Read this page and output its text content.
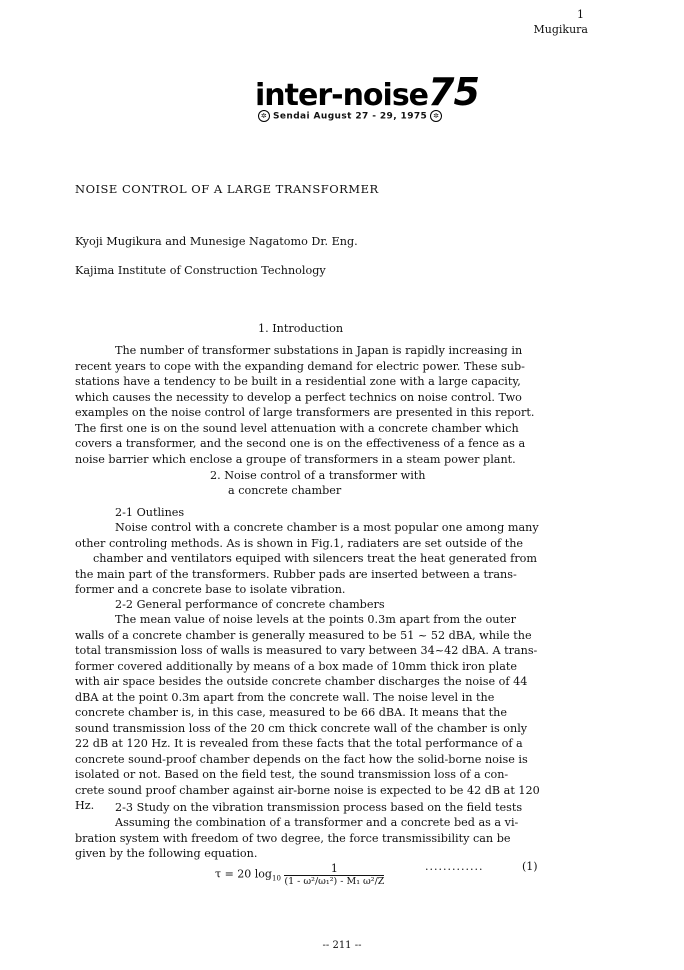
1
Mugikura
inter-noise75
✲ Sendai August 27 - 29, 1975 ✲
NOISE CONTROL OF A LARGE TRANSFORMER
Kyoji Mugikura and Munesige Nagatomo Dr. Eng.
Kajima Institute of Construction Technology
1. Introduction
The number of transformer substations in Japan is rapidly increasing in
recent years to cope with the expanding demand for electric power. These sub-
stations have a tendency to be built in a residential zone with a large capacity,
which causes the necessity to develop a perfect technics on noise control. Two
examples on the noise control of large transformers are presented in this report.
The first one is on the sound level attenuation with a concrete chamber which
covers a transformer, and the second one is on the effectiveness of a fence as a
noise barrier which enclose a groupe of transformers in a steam power plant.
2. Noise control of a transformer with
a concrete chamber
2-1 Outlines
Noise control with a concrete chamber is a most popular one among many
other controling methods. As is shown in Fig.1, radiaters are set outside of the
chamber and ventilators equiped with silencers treat the heat generated from
the main part of the transformers. Rubber pads are inserted between a trans-
former and a concrete base to isolate vibration.
2-2 General performance of concrete chambers
The mean value of noise levels at the points 0.3m apart from the outer
walls of a concrete chamber is generally measured to be 51 ~ 52 dBA, while the
total transmission loss of walls is measured to vary between 34~42 dBA. A trans-
former covered additionally by means of a box made of 10mm thick iron plate
with air space besides the outside concrete chamber discharges the noise of 44
dBA at the point 0.3m apart from the concrete wall. The noise level in the
concrete chamber is, in this case, measured to be 66 dBA. It means that the
sound transmission loss of the 20 cm thick concrete wall of the chamber is only
22 dB at 120 Hz. It is revealed from these facts that the total performance of a
concrete sound-proof chamber depends on the fact how the solid-borne noise is
isolated or not. Based on the field test, the sound transmission loss of a con-
crete sound proof chamber against air-borne noise is expected to be 42 dB at 120
Hz.	2-3 Study on the vibration transmission process based on the field tests
Assuming the combination of a transformer and a concrete bed as a vi-
bration system with freedom of two degree, the force transmissibility can be
given by the following equation.
τ = 20 $\log_{10} \frac{1}{\text{(1 - ω²/ω₁²) - M₁ ω²/Z}}$	.............	(1)
-- 211 --
